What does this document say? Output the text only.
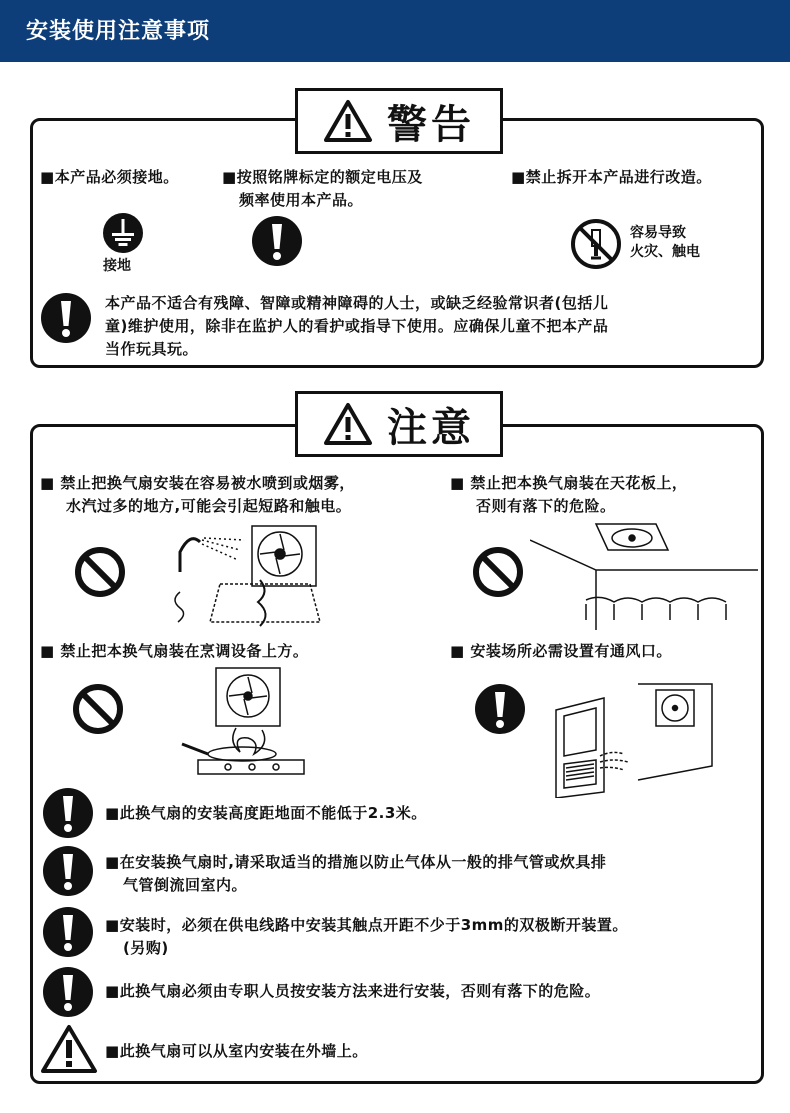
安装使用注意事项
警告
■ 本产品必须接地。
接地
■ 按照铭牌标定的额定电压及
频率使用本产品。
■ 禁止拆开本产品进行改造。
容易导致
火灾、触电
本产品不适合有残障、智障或精神障碍的人士，或缺乏经验常识者(包括儿
童)维护使用，除非在监护人的看护或指导下使用。应确保儿童不把本产品
当作玩具玩。
注意
■ 禁止把换气扇安装在容易被水喷到或烟雾，
水汽过多的地方,可能会引起短路和触电。
■ 禁止把本换气扇装在天花板上，
否则有落下的危险。
■ 禁止把本换气扇装在烹调设备上方。
■	安装场所必需设置有通风口。
■ 此换气扇的安装高度距地面不能低于2.3米。
■ 在安装换气扇时,请采取适当的措施以防止气体从一般的排气管或炊具排
气管倒流回室内。
■ 安装时，必须在供电线路中安装其触点开距不少于3mm的双极断开装置。
(另购)
■ 此换气扇必须由专职人员按安装方法来进行安装，否则有落下的危险。
■ 此换气扇可以从室内安装在外墙上。
